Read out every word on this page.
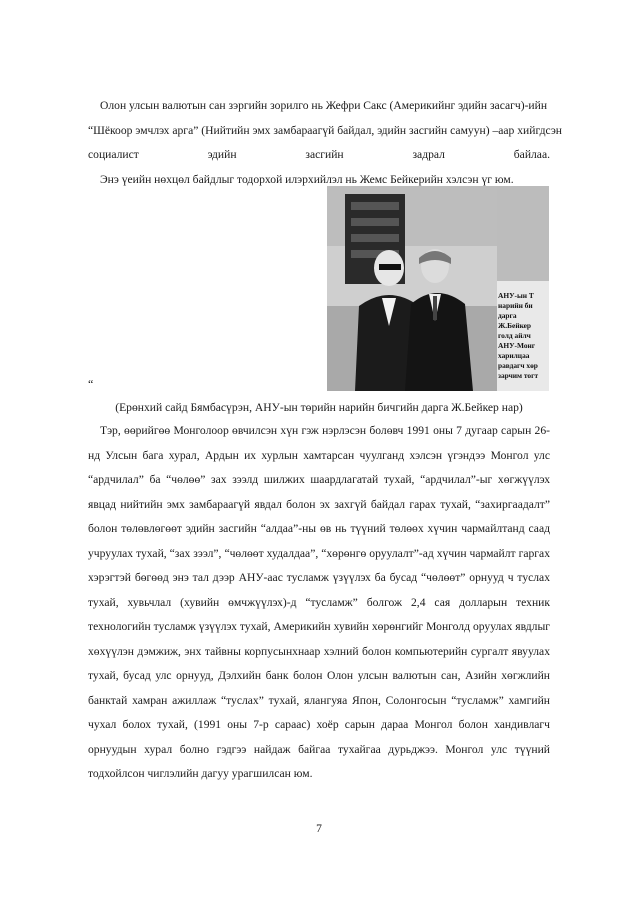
Олон улсын валютын сан зэргийн зорилго нь Жефри Сакс (Америкийнг эдийн засагч)-ийн
“Шёкоор эмчлэх арга” (Нийтийн эмх замбараагүй байдал, эдийн засгийн самуун) –аар хийгдсэн
социалист эдийн засгийн задрал байлаа.
Энэ үеийн нөхцөл байдлыг тодорхой илэрхийлэл нь Жемс Бейкерийн хэлсэн үг юм.
АНУ-ын Т
нарийн би
дарга
Ж.Бейкер
голд айлч
АНУ-Монг
харилцаа
равдагч хөр
зарчим тогт
“
(Ерөнхий сайд Бямбасүрэн, АНУ-ын төрийн нарийн бичгийн дарга Ж.Бейкер нар)
Тэр, өөрийгөө Монголоор өвчилсэн хүн гэж нэрлэсэн болөвч 1991 оны 7 дугаар сарын 26-нд Улсын бага хурал, Ардын их хурлын хамтарсан чуулганд хэлсэн үгэндээ Монгол улс “ардчилал” ба “чөлөө” зах зээлд шилжих шаардлагатай тухай, “ардчилал”-ыг хөгжүүлэх явцад нийтийн эмх замбараагүй явдал болон эх захгүй байдал гарах тухай, “захиргаадалт” болон төлөвлөгөөт эдийн засгийн “алдаа”-ны өв нь түүний төлөөх хүчин чармайлтанд саад учруулах тухай, “зах зээл”, “чөлөөт худалдаа”, “хөрөнгө оруулалт”-ад хүчин чармайлт гаргах хэрэгтэй бөгөөд энэ тал дээр АНУ-аас тусламж үзүүлэх ба бусад “чөлөөт” орнууд ч туслах тухай, хувьчлал (хувийн өмчжүүлэх)-д “тусламж” болгож 2,4 сая долларын техник технологийн тусламж үзүүлэх тухай, Америкийн хувийн хөрөнгийг Монголд оруулах явдлыг хөхүүлэн дэмжиж, энх тайвны корпусынхнаар хэлний болон компьютерийн сургалт явуулах тухай, бусад улс орнууд, Дэлхийн банк болон Олон улсын валютын сан, Азийн хөгжлийн банктай хамран ажиллаж “туслах” тухай, ялангуяа Япон, Солонгосын “тусламж” хамгийн чухал болох тухай, (1991 оны 7-р сараас) хоёр сарын дараа Монгол болон хандивлагч орнуудын хурал болно гэдгээ найдаж байгаа тухайгаа дурьджээ. Монгол улс түүний тодхойлсон чиглэлийн дагуу урагшилсан юм.
7
